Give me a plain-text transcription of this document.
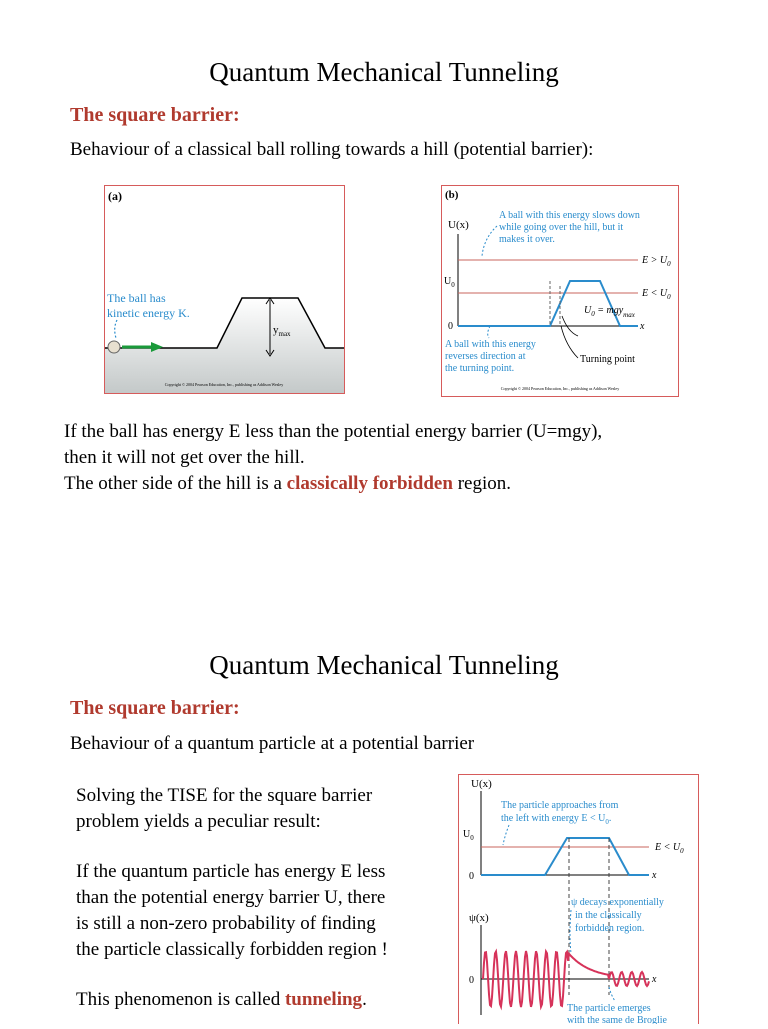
Quantum Mechanical Tunneling
The square barrier:
Behaviour of a classical ball rolling towards a hill (potential barrier):
(a)
$y_{max}$
The ball has
kinetic energy K.
Copyright © 2004 Pearson Education, Inc., publishing as Addison Wesley
(b)
U(x)
x
0
$U_0$
A ball with this energy slows down
while going over the hill, but it
makes it over.
$E > U_0$
$E < U_0$
$U_0 = mgy_{max}$
Turning point
A ball with this energy
reverses direction at
the turning point.
Copyright © 2004 Pearson Education, Inc., publishing as Addison Wesley
If the ball has energy E less than the potential energy barrier (U=mgy),
then it will not get over the hill.
The other side of the hill is a classically forbidden region.
Quantum Mechanical Tunneling
The square barrier:
Behaviour of a quantum particle at a potential barrier
Solving the TISE for the square barrier
problem yields a peculiar result:
If the quantum particle has energy E less
than the potential energy barrier U, there
is still a non-zero probability of finding
the particle classically forbidden region !
This phenomenon is called tunneling.
U(x)
x
0
$U_0$
The particle approaches from
the left with energy $E < U_0$.
$E < U_0$
ψ(x)
x
0
ψ decays exponentially
in the classically
forbidden region.
The particle emerges
with the same de Broglie
